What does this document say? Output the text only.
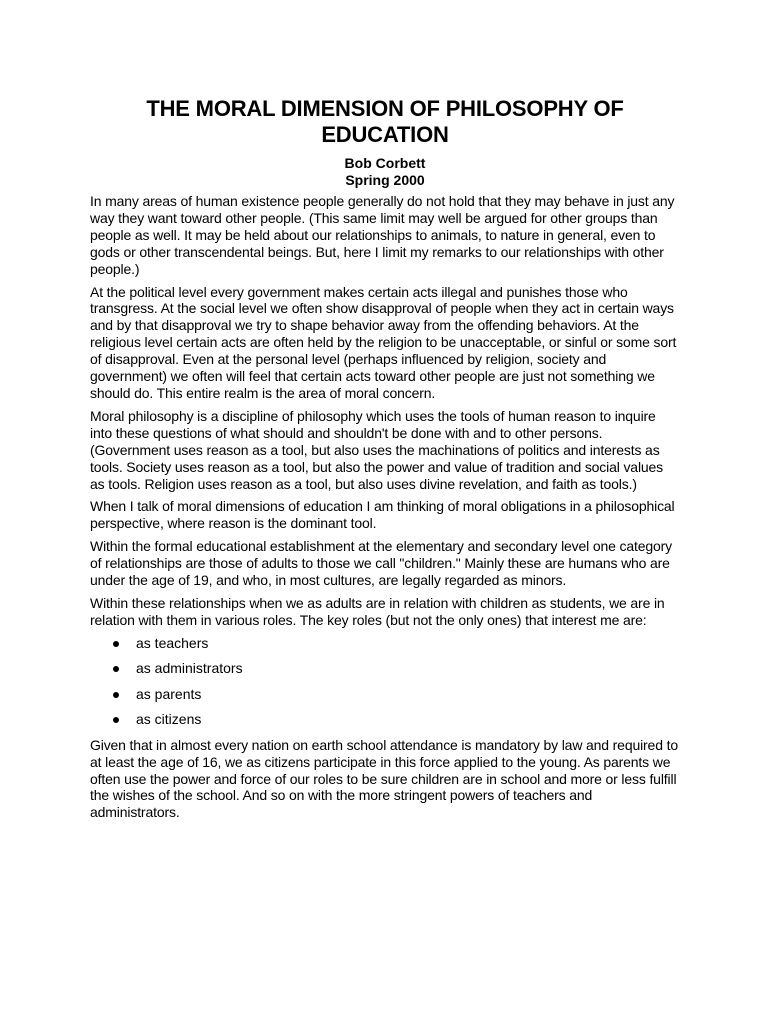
THE MORAL DIMENSION OF PHILOSOPHY OF EDUCATION
Bob Corbett
Spring 2000

In many areas of human existence people generally do not hold that they may behave in just any way they want toward other people. (This same limit may well be argued for other groups than people as well. It may be held about our relationships to animals, to nature in general, even to gods or other transcendental beings. But, here I limit my remarks to our relationships with other people.)

At the political level every government makes certain acts illegal and punishes those who transgress. At the social level we often show disapproval of people when they act in certain ways and by that disapproval we try to shape behavior away from the offending behaviors. At the religious level certain acts are often held by the religion to be unacceptable, or sinful or some sort of disapproval. Even at the personal level (perhaps influenced by religion, society and government) we often will feel that certain acts toward other people are just not something we should do. This entire realm is the area of moral concern.

Moral philosophy is a discipline of philosophy which uses the tools of human reason to inquire into these questions of what should and shouldn't be done with and to other persons. (Government uses reason as a tool, but also uses the machinations of politics and interests as tools. Society uses reason as a tool, but also the power and value of tradition and social values as tools. Religion uses reason as a tool, but also uses divine revelation, and faith as tools.)

When I talk of moral dimensions of education I am thinking of moral obligations in a philosophical perspective, where reason is the dominant tool.

Within the formal educational establishment at the elementary and secondary level one category of relationships are those of adults to those we call "children." Mainly these are humans who are under the age of 19, and who, in most cultures, are legally regarded as minors.

Within these relationships when we as adults are in relation with children as students, we are in relation with them in various roles. The key roles (but not the only ones) that interest me are:

as teachers
as administrators
as parents
as citizens

Given that in almost every nation on earth school attendance is mandatory by law and required to at least the age of 16, we as citizens participate in this force applied to the young. As parents we often use the power and force of our roles to be sure children are in school and more or less fulfill the wishes of the school. And so on with the more stringent powers of teachers and administrators.
